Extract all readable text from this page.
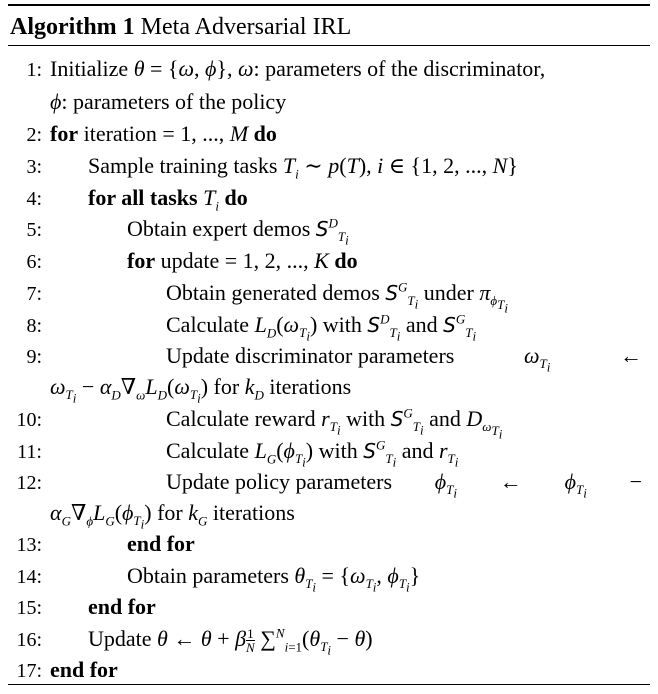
Algorithm 1 Meta Adversarial IRL
1: Initialize θ = {ω, ϕ}, ω: parameters of the discriminator,
ϕ: parameters of the policy
2: for iteration = 1, ..., M do
3: Sample training tasks $T_i$ ∼ p(T), i ∈ {1, 2, ..., N}
4: for all tasks $T_i$ do
5:	Obtain expert demos $S^D_{T_i}$
6:	for update = 1, 2, ..., K do
7:	Obtain generated demos $S^G_{T_i}$ under $\pi_{\phi_{T_i}}$
8:	Calculate $L_D(\omega_{T_i})$ with $S^D_{T_i}$ and $S^G_{T_i}$
9:	Update discriminator parameters	$\omega_{T_i}$	←
$\omega_{T_i} - \alpha_D\nabla_\omega L_D(\omega_{T_i})$ for $k_D$ iterations
10:	Calculate reward $r_{T_i}$ with $S^G_{T_i}$ and $D_{\omega_{T_i}}$
11:	Calculate $L_G(\phi_{T_i})$ with $S^G_{T_i}$ and $r_{T_i}$
12:	Update policy parameters $\phi_{T_i}$ ← $\phi_{T_i}$ −
$\alpha_G\nabla_\phi L_G(\phi_{T_i})$ for $k_G$ iterations
13:	end for
14:	Obtain parameters $\theta_{T_i} = \{\omega_{T_i}$, $\phi_{T_i}$}
15: end for
16: Update θ ← θ + β $\frac{1}{N} \sum^N_{i=1}(\theta_{T_i} - \theta)$
17: end for
